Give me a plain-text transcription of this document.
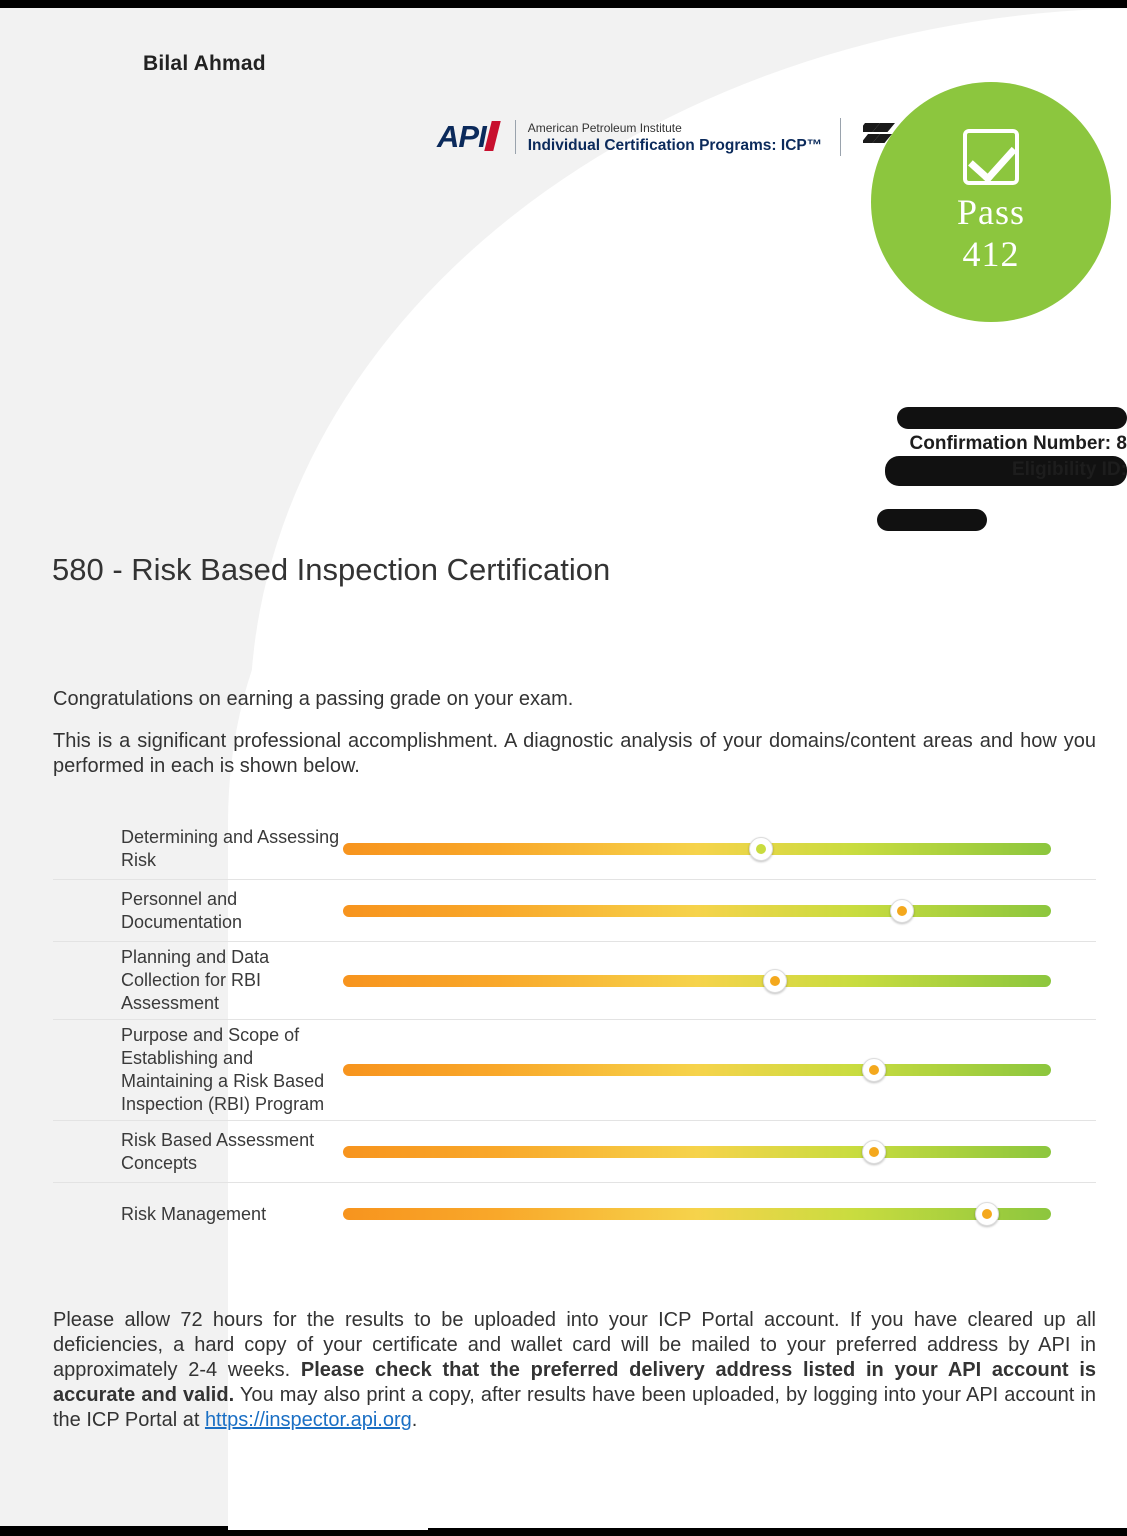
Bilal Ahmad
API	American Petroleum Institute
Individual Certification Programs: ICP™
Pass
412
Confirmation Number: 8
Eligibility ID:
580 - Risk Based Inspection Certification
Congratulations on earning a passing grade on your exam.
This is a significant professional accomplishment. A diagnostic analysis of your domains/content areas and how you performed in each is shown below.
Determining and Assessing Risk
Personnel and Documentation
Planning and Data Collection for RBI Assessment
Purpose and Scope of Establishing and Maintaining a Risk Based Inspection (RBI) Program
Risk Based Assessment Concepts
Risk Management
Please allow 72 hours for the results to be uploaded into your ICP Portal account. If you have cleared up all deficiencies, a hard copy of your certificate and wallet card will be mailed to your preferred address by API in approximately 2-4 weeks. Please check that the preferred delivery address listed in your API account is accurate and valid. You may also print a copy, after results have been uploaded, by logging into your API account in the ICP Portal at https://inspector.api.org.
